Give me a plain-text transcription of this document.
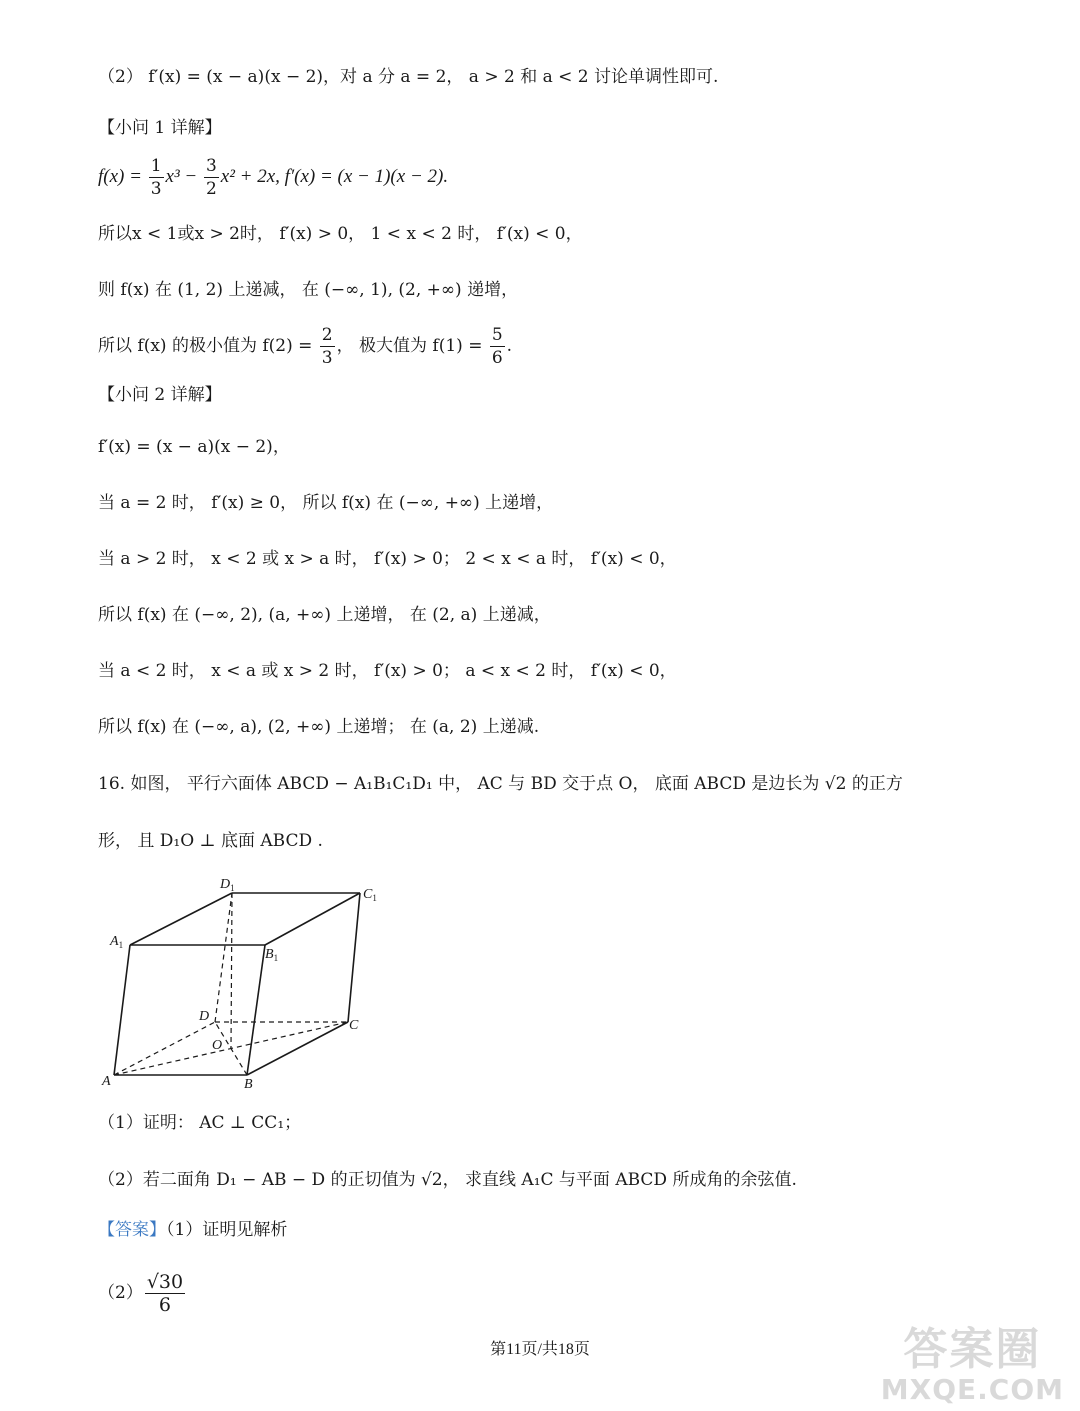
（2） f′(x) = (x − a)(x − 2)，对 a 分 a = 2， a > 2 和 a < 2 讨论单调性即可.
【小问 1 详解】
$f(x) = \frac{1}{3} x^3 - \frac{3}{2} x^2 + 2x$, f′(x) = (x − 1)(x − 2).
所以x < 1或x > 2时， f′(x) > 0， 1 < x < 2 时， f′(x) < 0，
则 f(x) 在 (1, 2) 上递减， 在 (−∞, 1), (2, +∞) 递增，
所以 f(x) 的极小值为 $f(2) = \frac{2}{3}$ ， 极大值为 $f(1) = \frac{5}{6}$ .
【小问 2 详解】
f′(x) = (x − a)(x − 2)，
当 a = 2 时， f′(x) ≥ 0， 所以 f(x) 在 (−∞, +∞) 上递增，
当 a > 2 时， x < 2 或 x > a 时， f′(x) > 0； 2 < x < a 时， f′(x) < 0，
所以 f(x) 在 (−∞, 2), (a, +∞) 上递增， 在 (2, a) 上递减，
当 a < 2 时， x < a 或 x > 2 时， f′(x) > 0； a < x < 2 时， f′(x) < 0，
所以 f(x) 在 (−∞, a), (2, +∞) 上递增； 在 (a, 2) 上递减.
16. 如图， 平行六面体 ABCD − A₁B₁C₁D₁ 中， AC 与 BD 交于点 O， 底面 ABCD 是边长为 √2 的正方
形， 且 D₁O ⊥ 底面 ABCD .
$A_1$
$B_1$
$C_1$
$D_1$
A	B
C
D
O
（1）证明： AC ⊥ CC₁；
（2）若二面角 D₁ − AB − D 的正切值为 √2， 求直线 A₁C 与平面 ABCD 所成角的余弦值.
【答案】（1）证明见解析
$(2) \frac{√30}{6}$
第11页/共18页	答案圈
MXQE.COM
